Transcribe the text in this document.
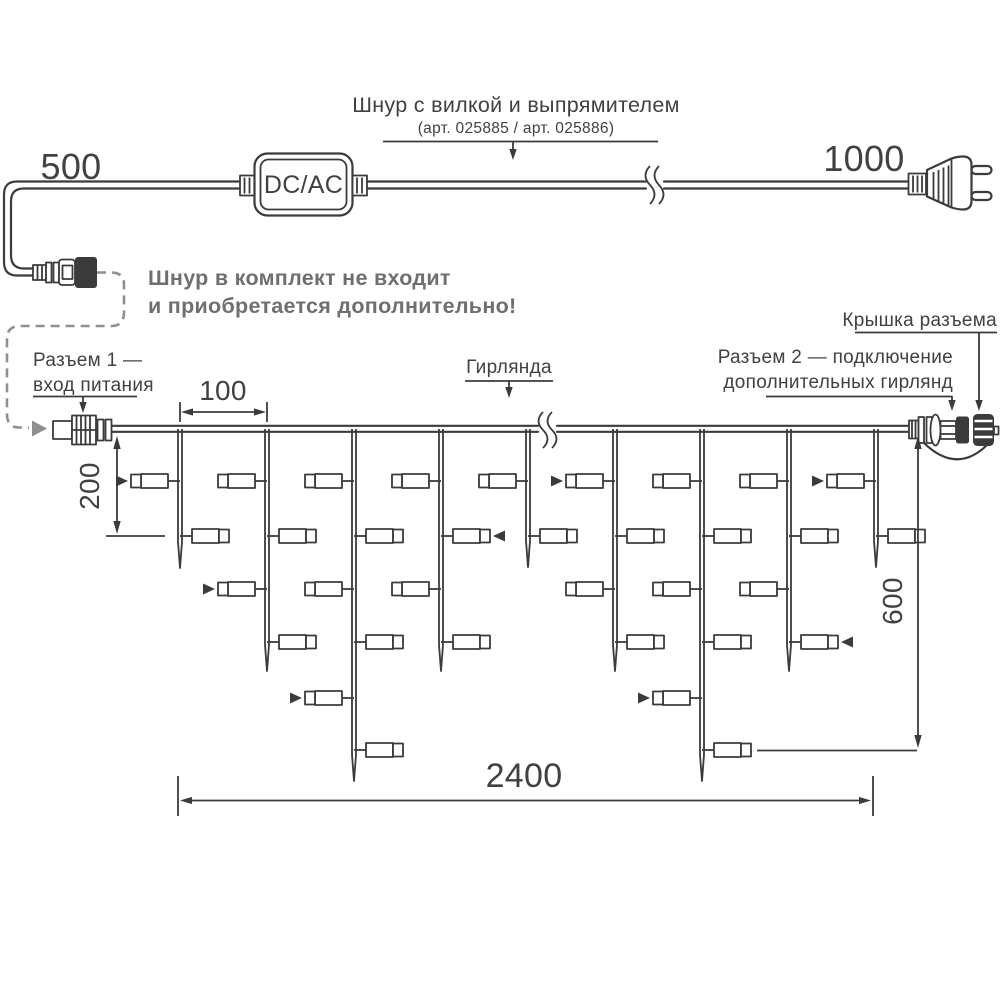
Шнур с вилкой и выпрямителем
(арт. 025885 / арт. 025886)
500	1000
DC/AC
Шнур в комплект не входит
и приобретается дополнительно!
Разъем 1 —
вход питания
Гирлянда	Разъем 2 — подключение
дополнительных гирлянд
Крышка разъема
100
200
600
2400
